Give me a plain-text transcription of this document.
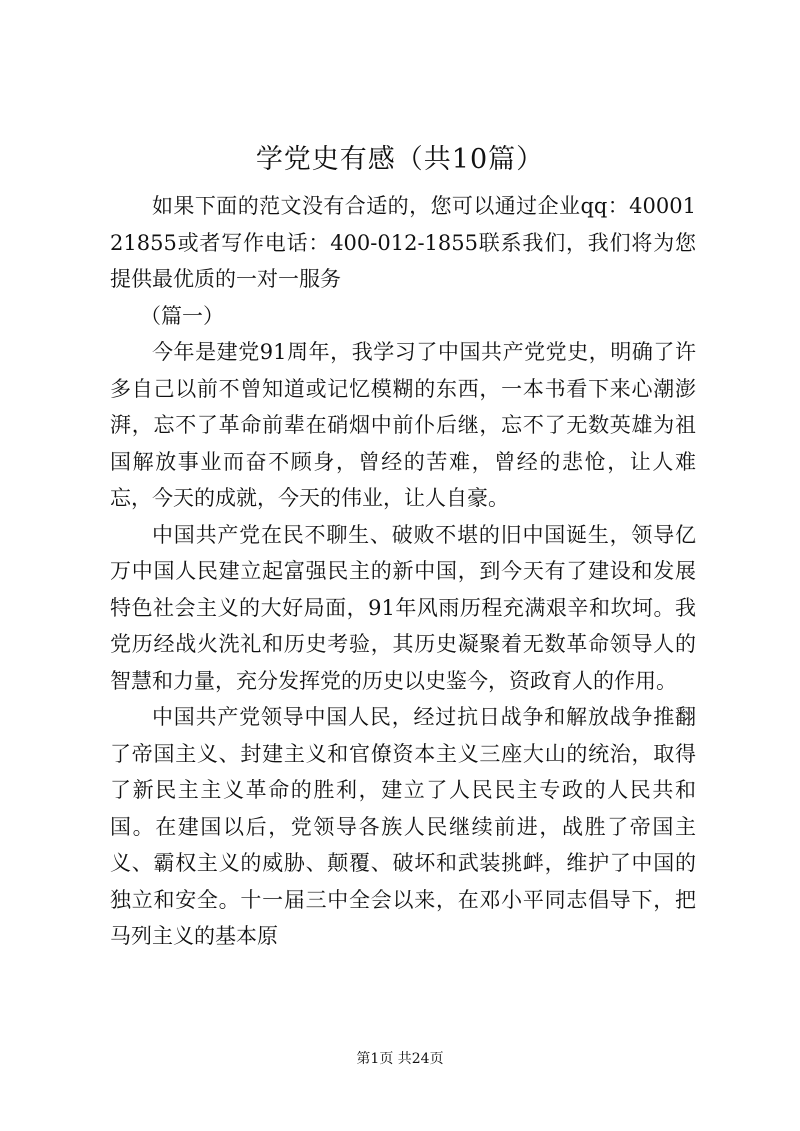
学党史有感（共10篇）

如果下面的范文没有合适的，您可以通过企业qq：4000121855或者写作电话：400-012-1855联系我们，我们将为您提供最优质的一对一服务

（篇一）

今年是建党91周年，我学习了中国共产党党史，明确了许多自己以前不曾知道或记忆模糊的东西，一本书看下来心潮澎湃，忘不了革命前辈在硝烟中前仆后继，忘不了无数英雄为祖国解放事业而奋不顾身，曾经的苦难，曾经的悲怆，让人难忘，今天的成就，今天的伟业，让人自豪。

中国共产党在民不聊生、破败不堪的旧中国诞生，领导亿万中国人民建立起富强民主的新中国，到今天有了建设和发展特色社会主义的大好局面，91年风雨历程充满艰辛和坎坷。我党历经战火洗礼和历史考验，其历史凝聚着无数革命领导人的智慧和力量，充分发挥党的历史以史鉴今，资政育人的作用。

中国共产党领导中国人民，经过抗日战争和解放战争推翻了帝国主义、封建主义和官僚资本主义三座大山的统治，取得了新民主主义革命的胜利，建立了人民民主专政的人民共和国。在建国以后，党领导各族人民继续前进，战胜了帝国主义、霸权主义的威胁、颠覆、破坏和武装挑衅，维护了中国的独立和安全。十一届三中全会以来，在邓小平同志倡导下，把马列主义的基本原

第1页 共24页
